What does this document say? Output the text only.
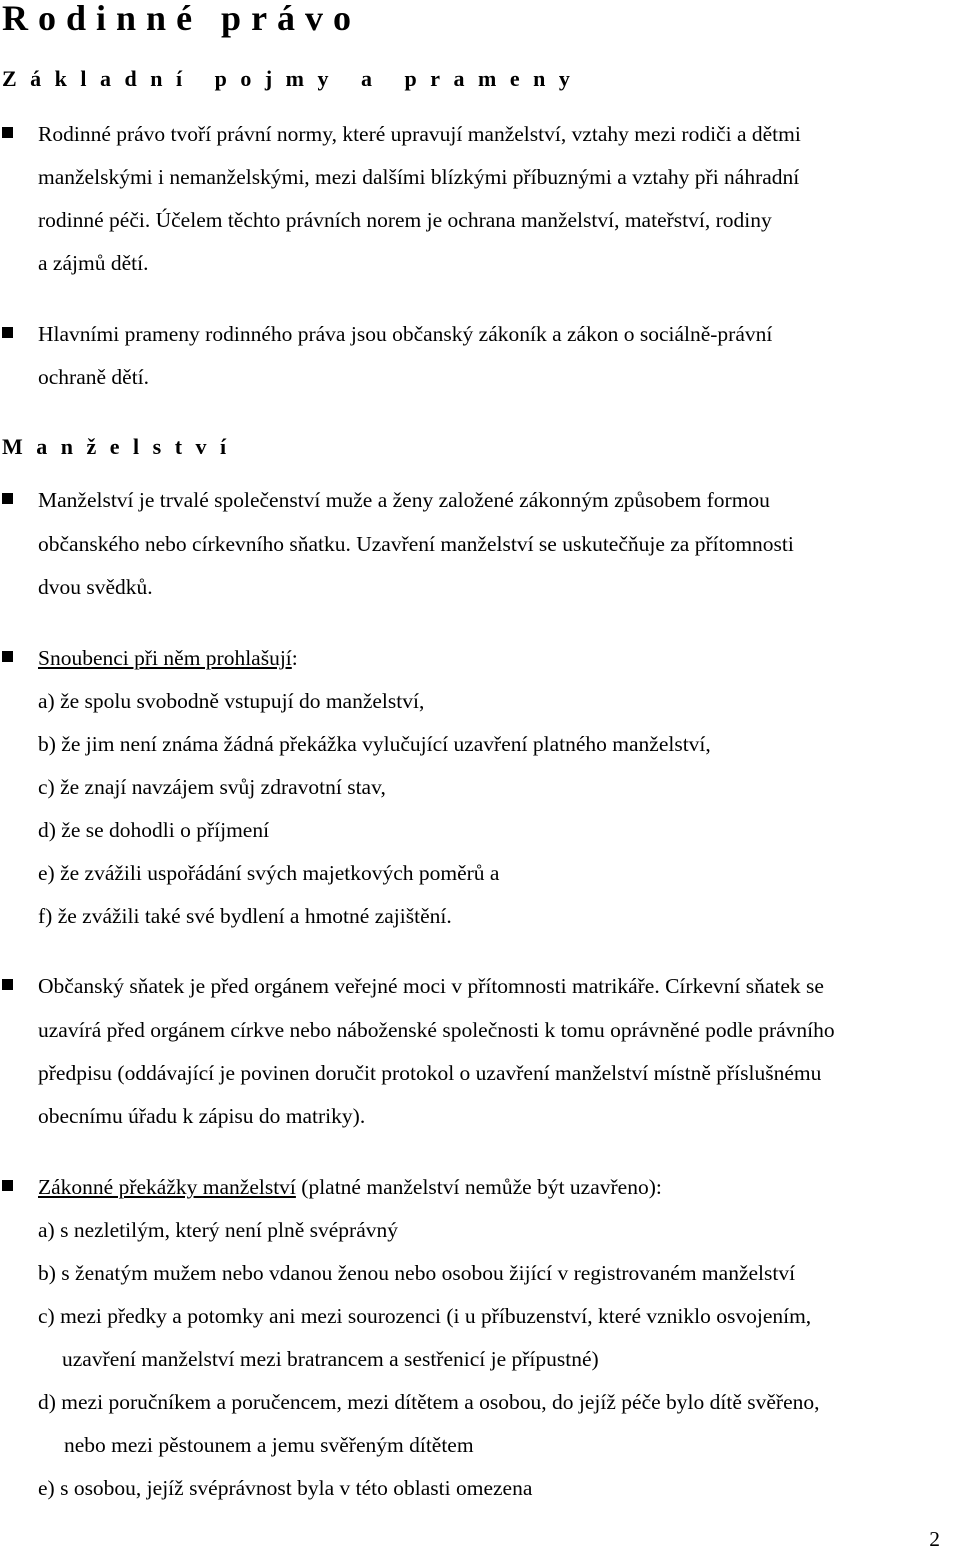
Rodinné právo
Základní pojmy a prameny
Rodinné právo tvoří právní normy, které upravují manželství, vztahy mezi rodiči a dětmi
manželskými i nemanželskými, mezi dalšími blízkými příbuznými a vztahy při náhradní
rodinné péči. Účelem těchto právních norem je ochrana manželství, mateřství, rodiny
a zájmů dětí.
Hlavními prameny rodinného práva jsou občanský zákoník a zákon o sociálně-právní
ochraně dětí.
Manželství
Manželství je trvalé společenství muže a ženy založené zákonným způsobem formou
občanského nebo církevního sňatku. Uzavření manželství se uskutečňuje za přítomnosti
dvou svědků.
Snoubenci při něm prohlašují:
a) že spolu svobodně vstupují do manželství,
b) že jim není známa žádná překážka vylučující uzavření platného manželství,
c) že znají navzájem svůj zdravotní stav,
d) že se dohodli o příjmení
e) že zvážili uspořádání svých majetkových poměrů a
f) že zvážili také své bydlení a hmotné zajištění.
Občanský sňatek je před orgánem veřejné moci v přítomnosti matrikáře. Církevní sňatek se
uzavírá před orgánem církve nebo náboženské společnosti k tomu oprávněné podle právního
předpisu (oddávající je povinen doručit protokol o uzavření manželství místně příslušnému
obecnímu úřadu k zápisu do matriky).
Zákonné překážky manželství (platné manželství nemůže být uzavřeno):
a) s nezletilým, který není plně svéprávný
b) s ženatým mužem nebo vdanou ženou nebo osobou žijící v registrovaném manželství
c) mezi předky a potomky ani mezi sourozenci (i u příbuzenství, které vzniklo osvojením,
uzavření manželství mezi bratrancem a sestřenicí je přípustné)
d) mezi poručníkem a poručencem, mezi dítětem a osobou, do jejíž péče bylo dítě svěřeno,
nebo mezi pěstounem a jemu svěřeným dítětem
e) s osobou, jejíž svéprávnost byla v této oblasti omezena
2
